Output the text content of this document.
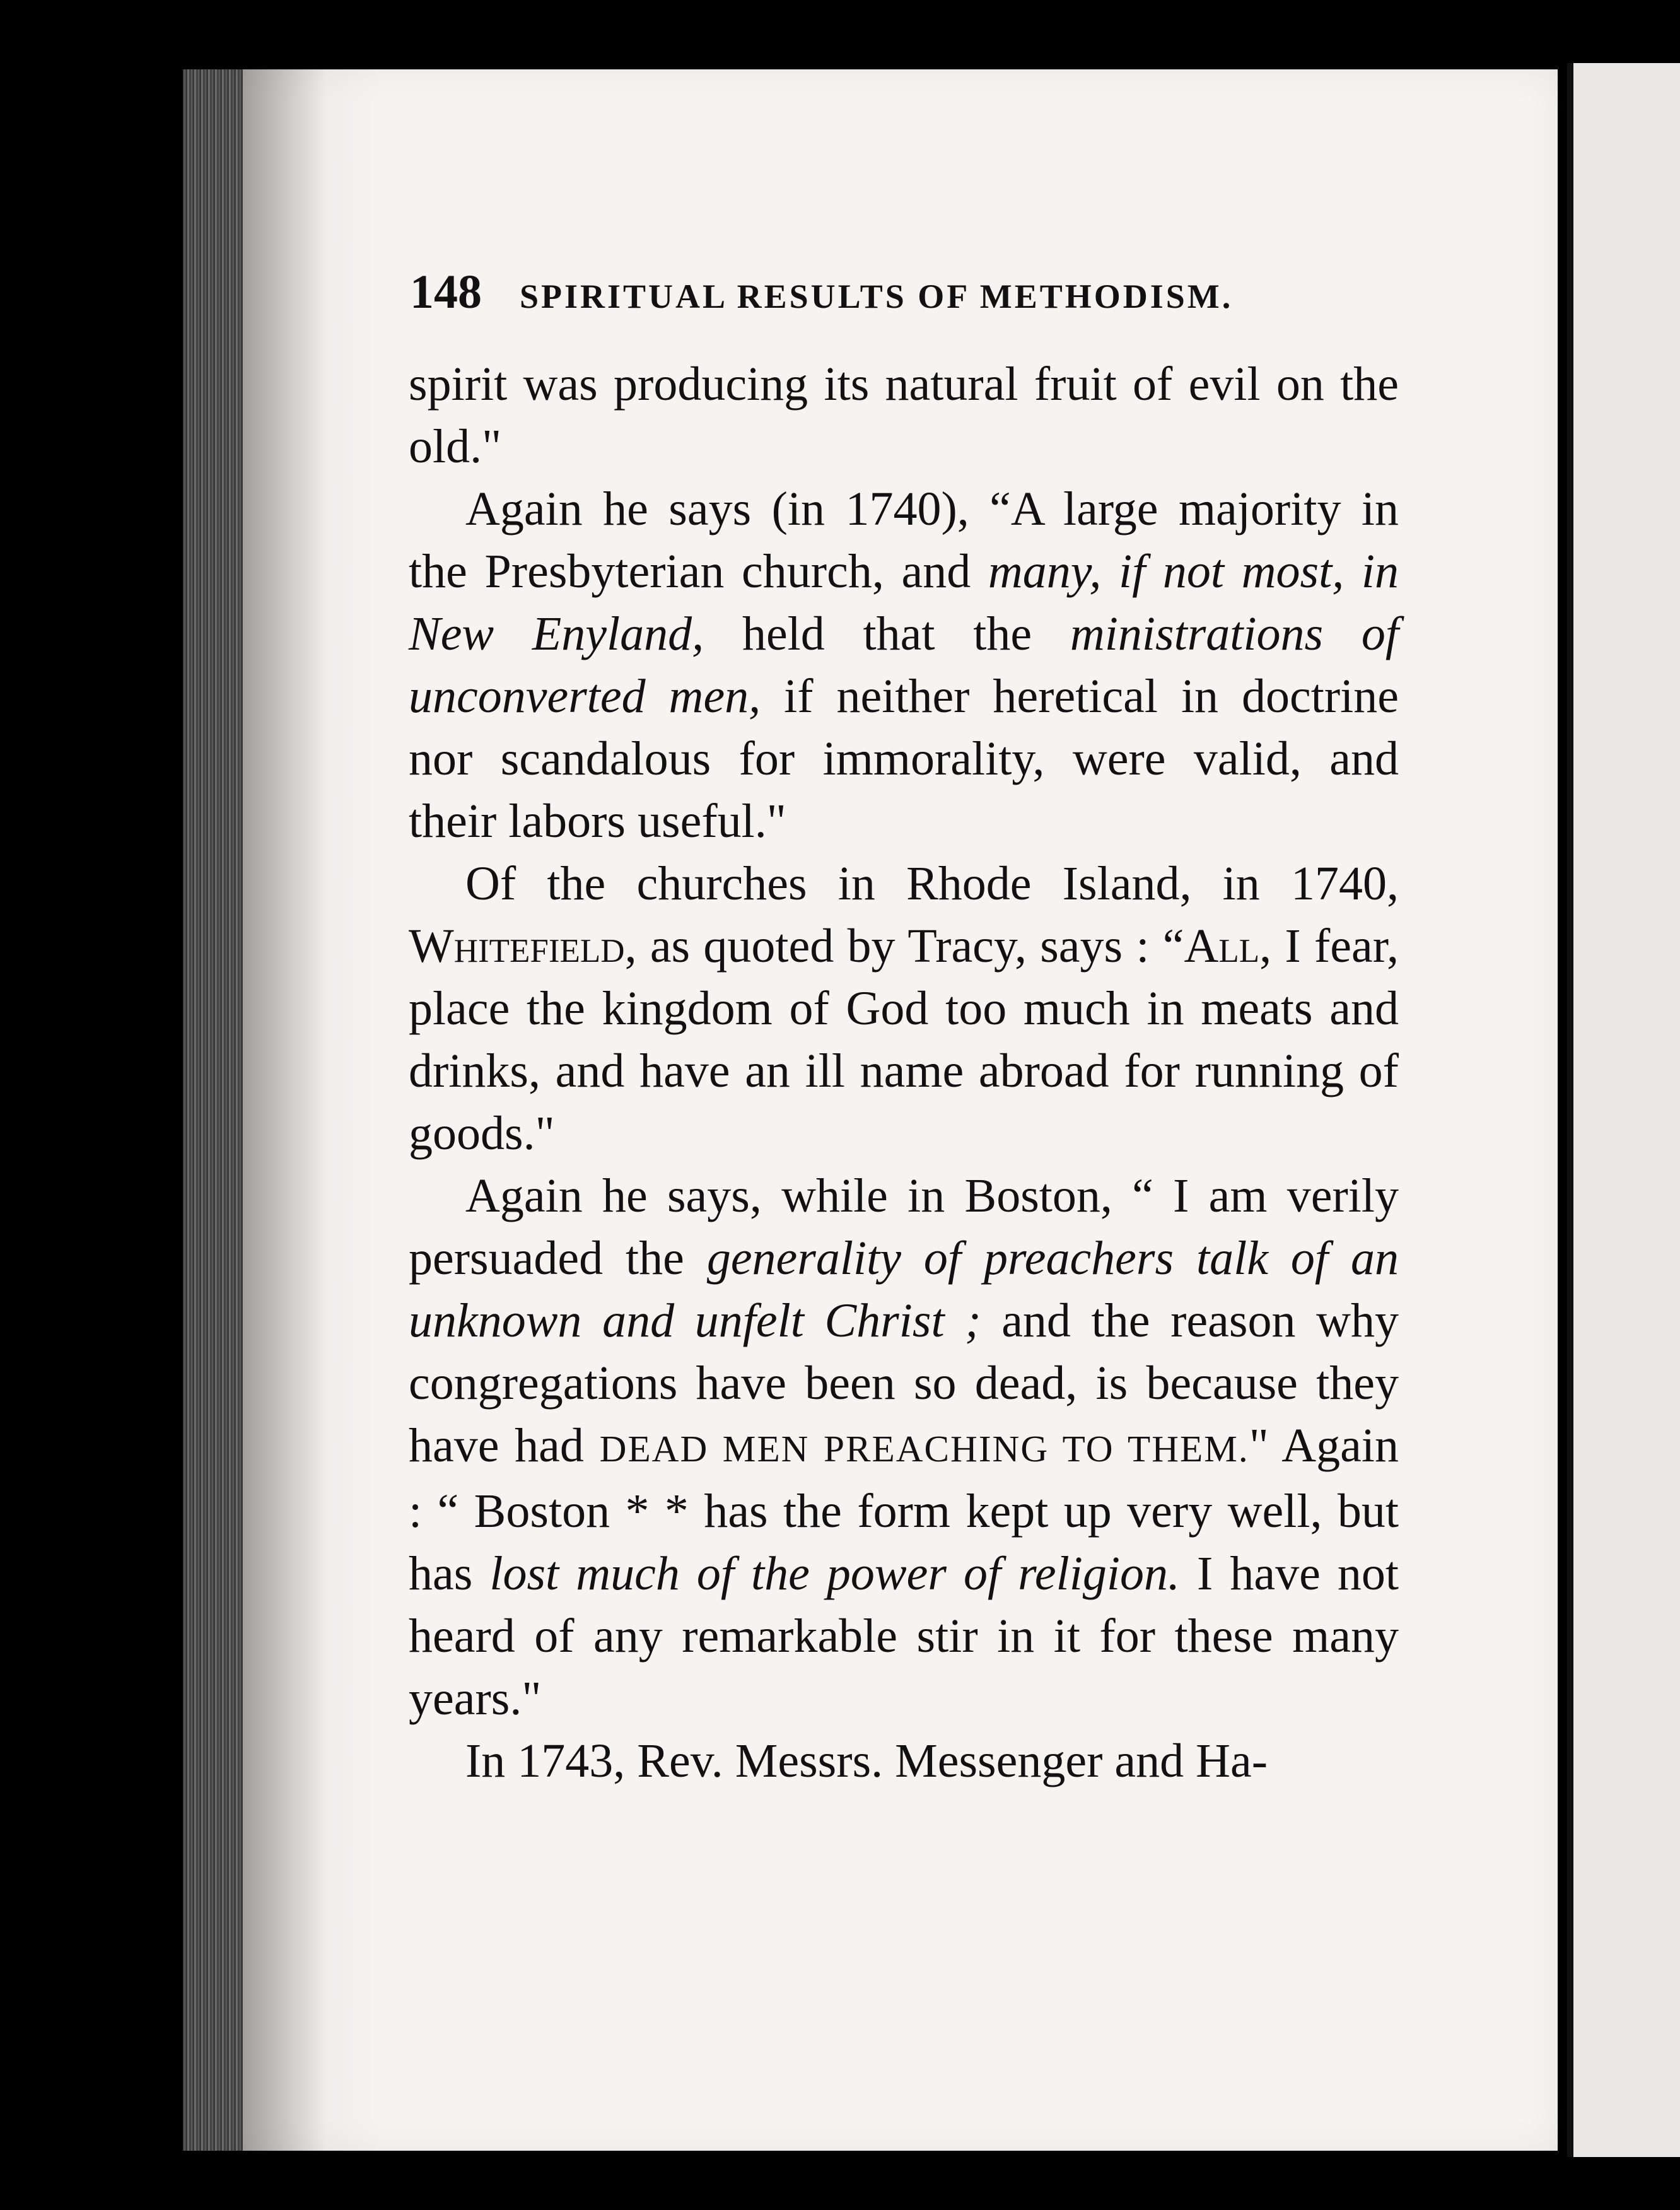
148 SPIRITUAL RESULTS OF METHODISM.

spirit was producing its natural fruit of evil on the old."

Again he says (in 1740), “A large majority in the Presbyterian church, and many, if not most, in New Enyland, held that the ministrations of unconverted men, if neither heretical in doctrine nor scandalous for immorality, were valid, and their labors useful."

Of the churches in Rhode Island, in 1740, Whitefield, as quoted by Tracy, says : “All, I fear, place the kingdom of God too much in meats and drinks, and have an ill name abroad for running of goods."

Again he says, while in Boston, “ I am verily persuaded the generality of preachers talk of an unknown and unfelt Christ ; and the reason why congregations have been so dead, is because they have had DEAD MEN PREACHING TO THEM." Again : “ Boston * * has the form kept up very well, but has lost much of the power of religion. I have not heard of any remarkable stir in it for these many years."

In 1743, Rev. Messrs. Messenger and Ha-
